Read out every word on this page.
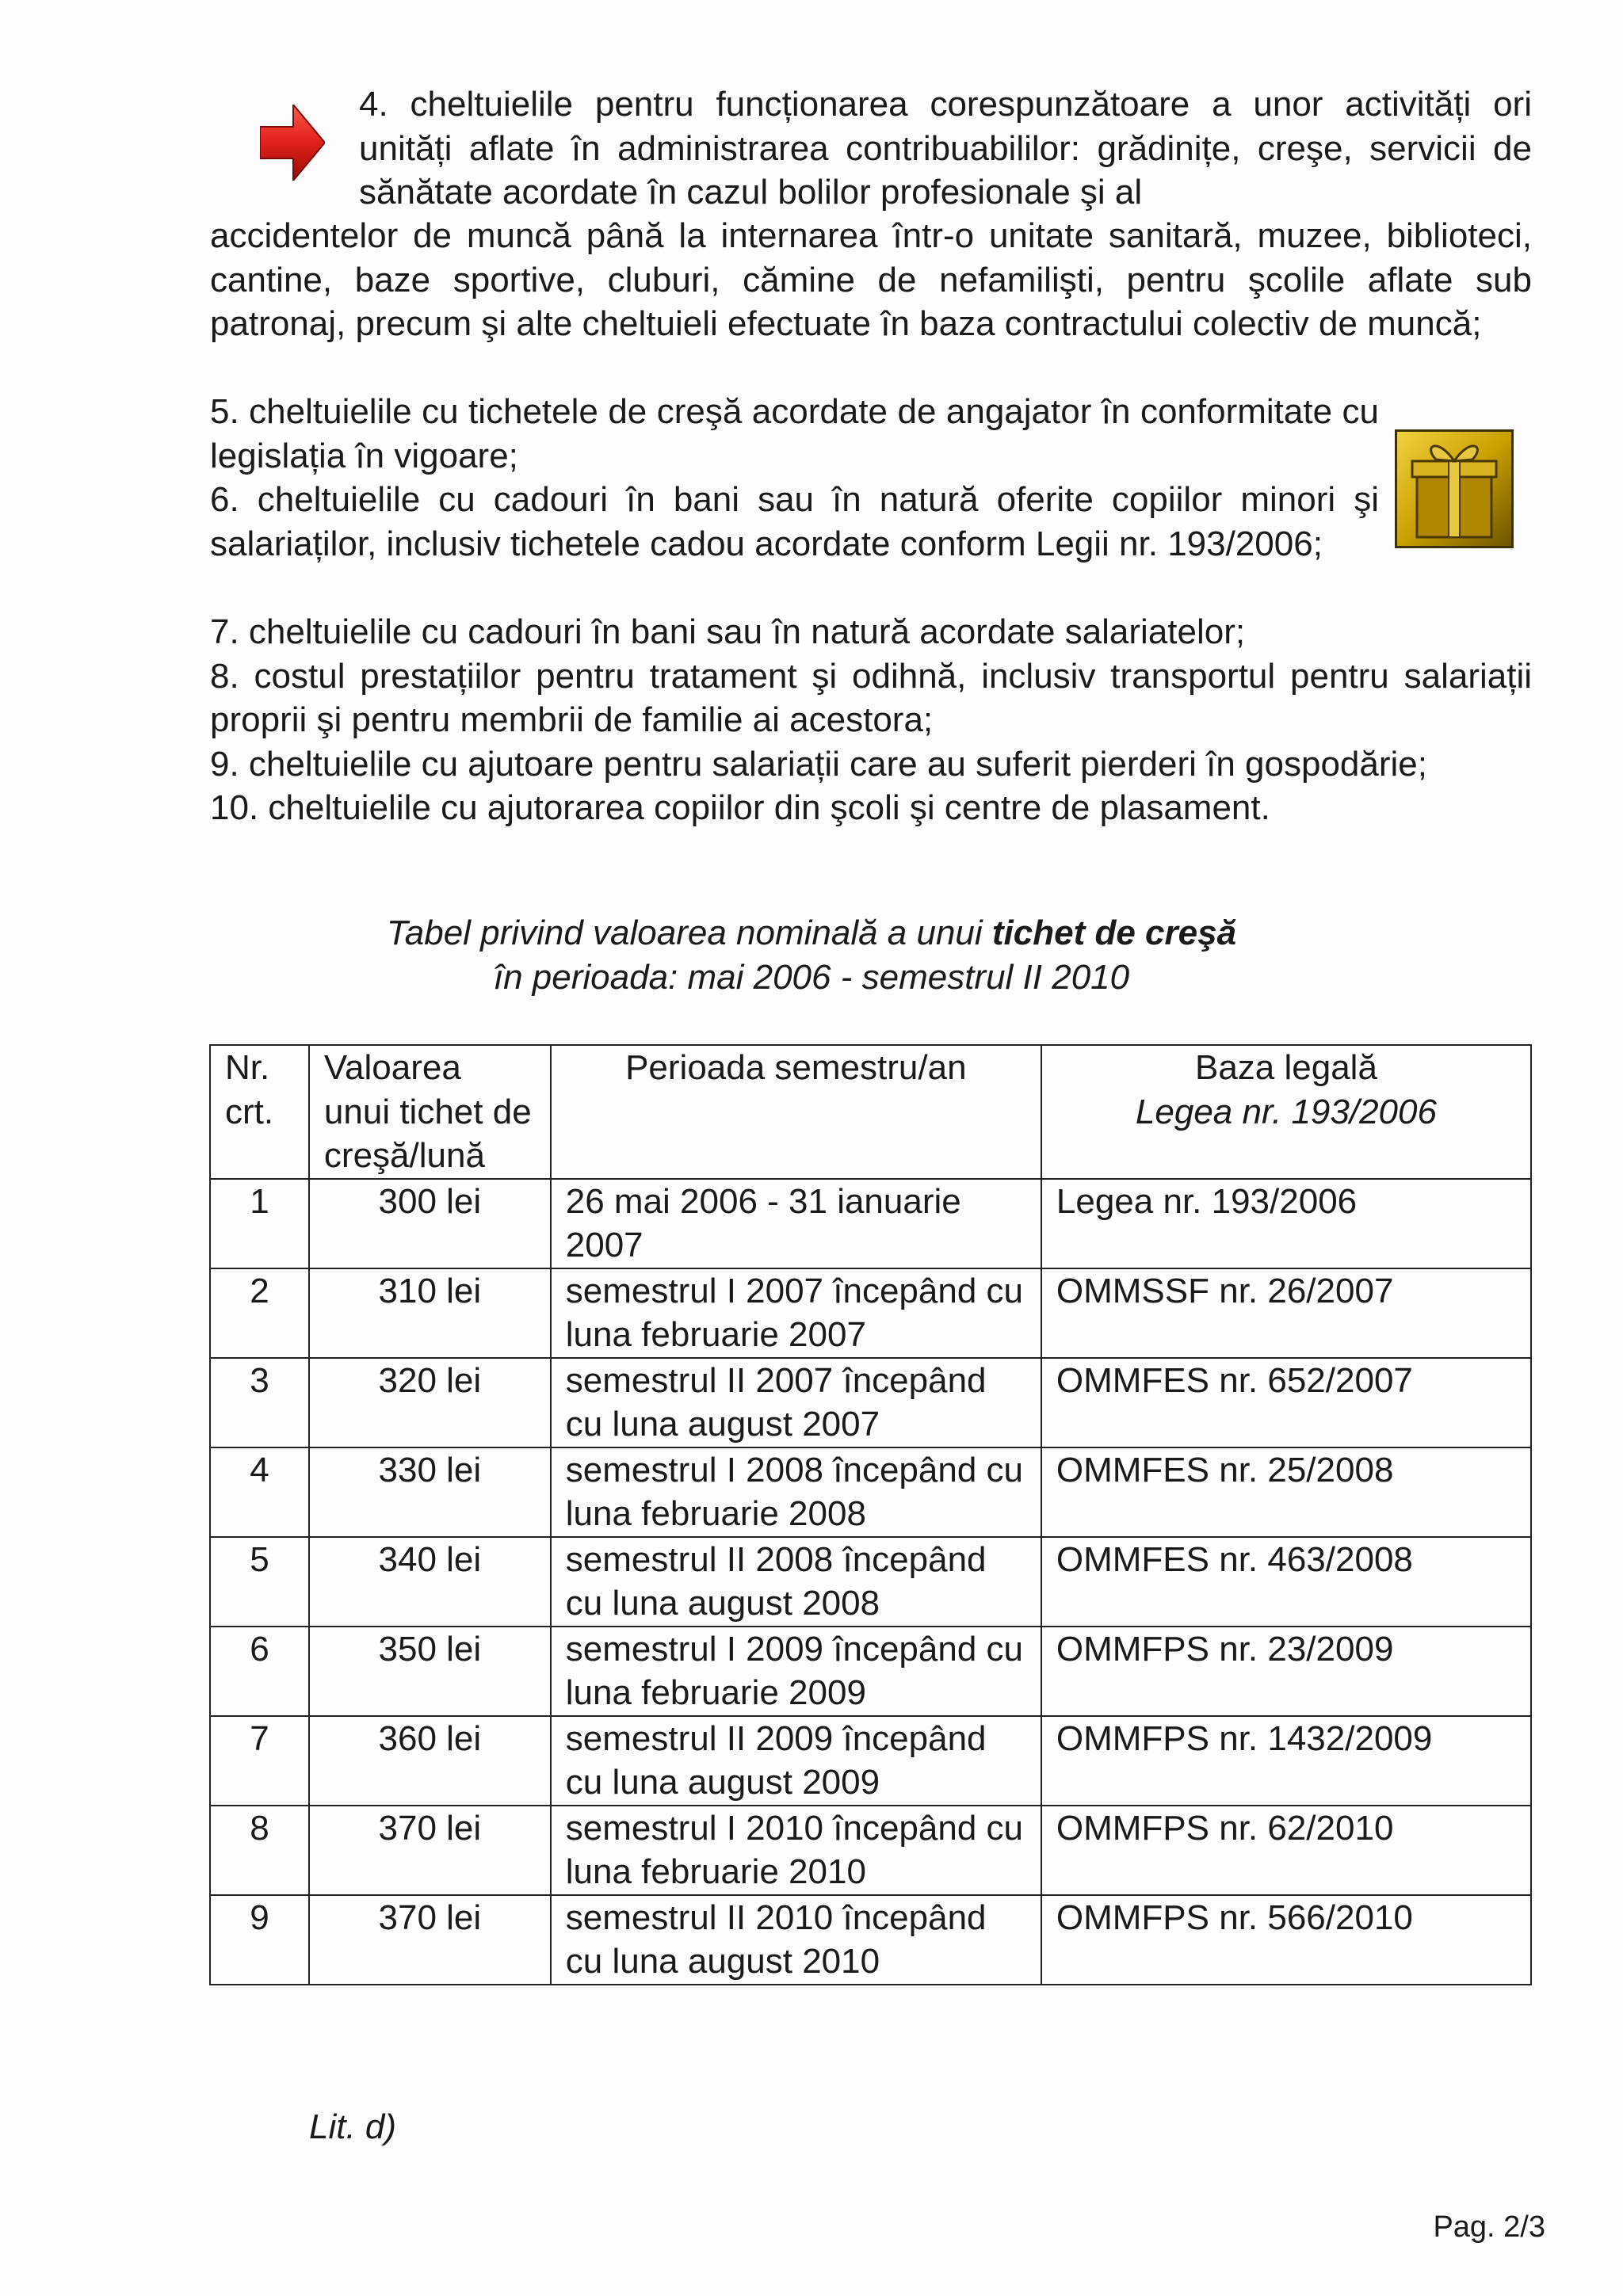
4. cheltuielile pentru funcționarea corespunzătoare a unor activități ori unități aflate în administrarea contribuabililor: grădinițe, creşe, servicii de sănătate acordate în cazul bolilor profesionale şi al
accidentelor de muncă până la internarea într-o unitate sanitară, muzee, biblioteci, cantine, baze sportive, cluburi, cămine de nefamilişti, pentru şcolile aflate sub patronaj, precum şi alte cheltuieli efectuate în baza contractului colectiv de muncă;
5. cheltuielile cu tichetele de creşă acordate de angajator în conformitate cu legislația în vigoare;
6. cheltuielile cu cadouri în bani sau în natură oferite copiilor minori şi salariaților, inclusiv tichetele cadou acordate conform Legii nr. 193/2006;

7. cheltuielile cu cadouri în bani sau în natură acordate salariatelor;

8. costul prestațiilor pentru tratament şi odihnă, inclusiv transportul pentru salariații proprii şi pentru membrii de familie ai acestora;

9. cheltuielile cu ajutoare pentru salariații care au suferit pierderi în gospodărie;

10. cheltuielile cu ajutorarea copiilor din şcoli şi centre de plasament.

Tabel privind valoarea nominală a unui tichet de creşă
în perioada: mai 2006 - semestrul II 2010
Nr. crt.	Valoarea unui tichet de creşă/lună	Perioada semestru/an	Baza legală
Legea nr. 193/2006

1	300 lei	26 mai 2006 - 31 ianuarie 2007	Legea nr. 193/2006
2	310 lei	semestrul I 2007 începând cu luna februarie 2007	OMMSSF nr. 26/2007
3	320 lei	semestrul II 2007 începând cu luna august 2007	OMMFES nr. 652/2007
4	330 lei	semestrul I 2008 începând cu luna februarie 2008	OMMFES nr. 25/2008
5	340 lei	semestrul II 2008 începând cu luna august 2008	OMMFES nr. 463/2008
6	350 lei	semestrul I 2009 începând cu luna februarie 2009	OMMFPS nr. 23/2009
7	360 lei	semestrul II 2009 începând cu luna august 2009	OMMFPS nr. 1432/2009
8	370 lei	semestrul I 2010 începând cu luna februarie 2010	OMMFPS nr. 62/2010
9	370 lei	semestrul II 2010 începând cu luna august 2010	OMMFPS nr. 566/2010
Lit. d)
Pag. 2/3
